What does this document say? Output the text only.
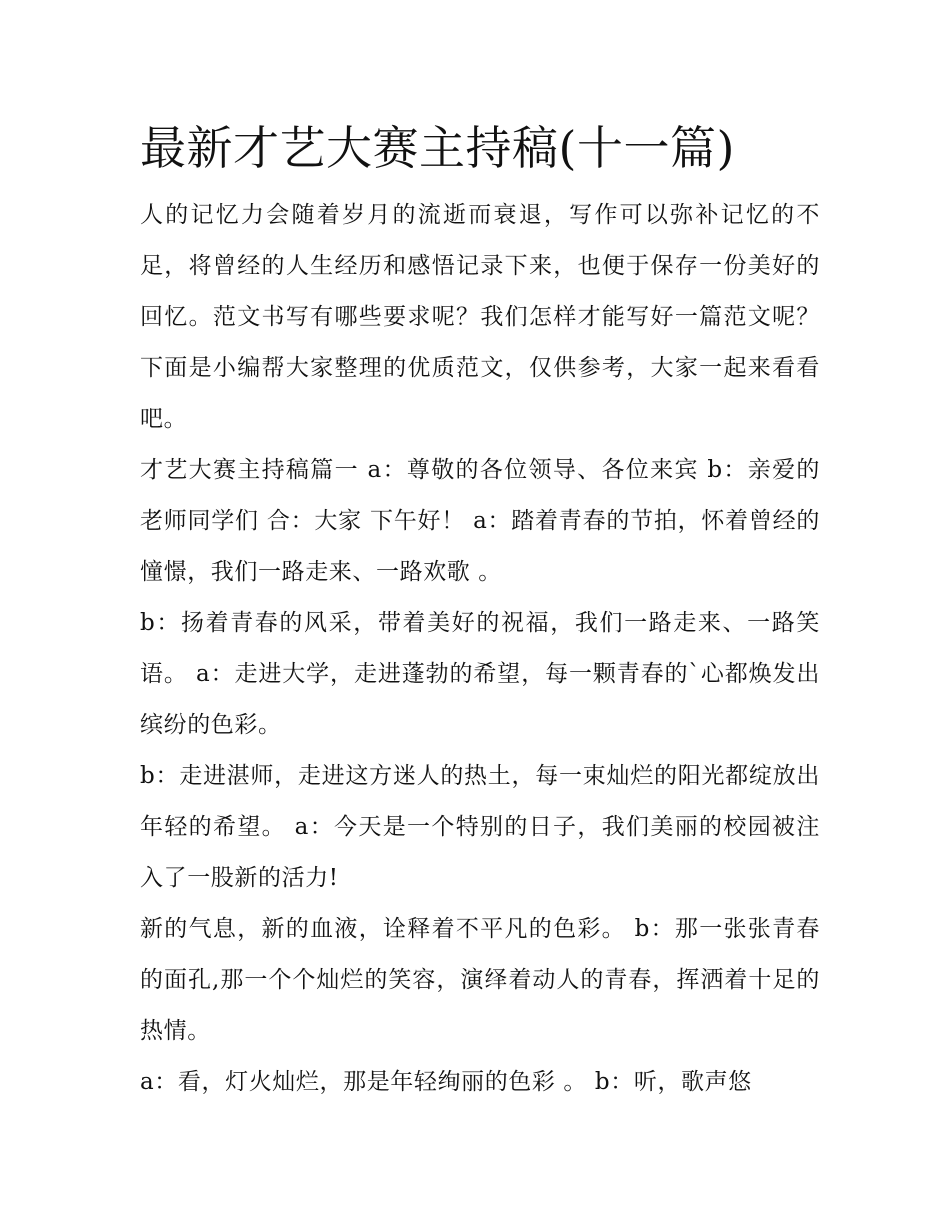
最新才艺大赛主持稿(十一篇)

人的记忆力会随着岁月的流逝而衰退，写作可以弥补记忆的不足，将曾经的人生经历和感悟记录下来，也便于保存一份美好的回忆。范文书写有哪些要求呢？我们怎样才能写好一篇范文呢？下面是小编帮大家整理的优质范文，仅供参考，大家一起来看看吧。

才艺大赛主持稿篇一 a：尊敬的各位领导、各位来宾 b：亲爱的老师同学们 合：大家 下午好！ a：踏着青春的节拍，怀着曾经的憧憬，我们一路走来、一路欢歌 。

b：扬着青春的风采，带着美好的祝福，我们一路走来、一路笑语。 a：走进大学，走进蓬勃的希望，每一颗青春的`心都焕发出缤纷的色彩。

b：走进湛师，走进这方迷人的热土，每一束灿烂的阳光都绽放出年轻的希望。 a：今天是一个特别的日子，我们美丽的校园被注入了一股新的活力!

新的气息，新的血液，诠释着不平凡的色彩。 b：那一张张青春的面孔,那一个个灿烂的笑容，演绎着动人的青春，挥洒着十足的热情。

a：看，灯火灿烂，那是年轻绚丽的色彩 。 b：听，歌声悠
